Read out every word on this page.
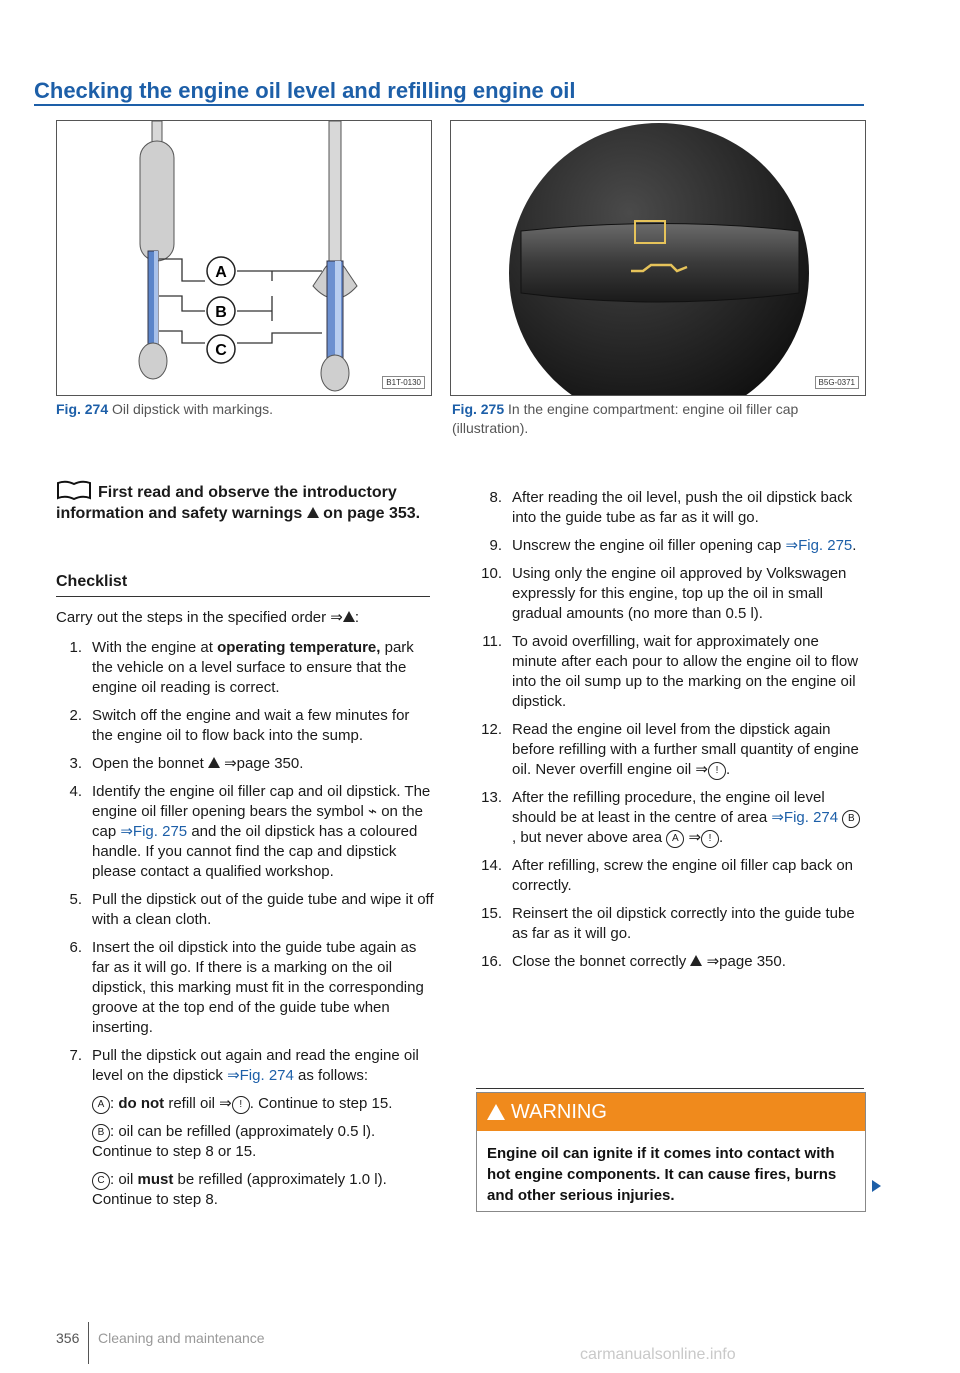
Checking the engine oil level and refilling engine oil
A
B
C
B1T-0130
Fig. 274 Oil dipstick with markings.
B5G-0371
Fig. 275 In the engine compartment: engine oil filler cap (illustration).
First read and observe the introductory information and safety warnings on page 353.
Checklist
Carry out the steps in the specified order ⇒ :
1. With the engine at operating temperature, park the vehicle on a level surface to ensure that the engine oil reading is correct.
2. Switch off the engine and wait a few minutes for the engine oil to flow back into the sump.
3. Open the bonnet ⇒page 350.
4. Identify the engine oil filler cap and oil dipstick. The engine oil filler opening bears the symbol ⌁ on the cap ⇒Fig. 275 and the oil dipstick has a coloured handle. If you cannot find the cap and dipstick please contact a qualified workshop.
5. Pull the dipstick out of the guide tube and wipe it off with a clean cloth.
6. Insert the oil dipstick into the guide tube again as far as it will go. If there is a marking on the oil dipstick, this marking must fit in the corresponding groove at the top end of the guide tube when inserting.
7. Pull the dipstick out again and read the engine oil level on the dipstick ⇒Fig. 274 as follows:
A : do not refill oil ⇒ ! . Continue to step 15.
B : oil can be refilled (approximately 0.5 l). Continue to step 8 or 15.
C : oil must be refilled (approximately 1.0 l). Continue to step 8.
8. After reading the oil level, push the oil dipstick back into the guide tube as far as it will go.
9. Unscrew the engine oil filler opening cap ⇒Fig. 275.
10. Using only the engine oil approved by Volkswagen expressly for this engine, top up the oil in small gradual amounts (no more than 0.5 l).
11. To avoid overfilling, wait for approximately one minute after each pour to allow the engine oil to flow into the oil sump up to the marking on the engine oil dipstick.
12. Read the engine oil level from the dipstick again before refilling with a further small quantity of engine oil. Never overfill engine oil ⇒ ! .
13. After the refilling procedure, the engine oil level should be at least in the centre of area ⇒Fig. 274 B, but never above area A ⇒ ! .
14. After refilling, screw the engine oil filler cap back on correctly.
15. Reinsert the oil dipstick correctly into the guide tube as far as it will go.
16. Close the bonnet correctly ⇒page 350.
WARNING
Engine oil can ignite if it comes into contact with hot engine components. It can cause fires, burns and other serious injuries.
356 Cleaning and maintenance
carmanualsonline.info
